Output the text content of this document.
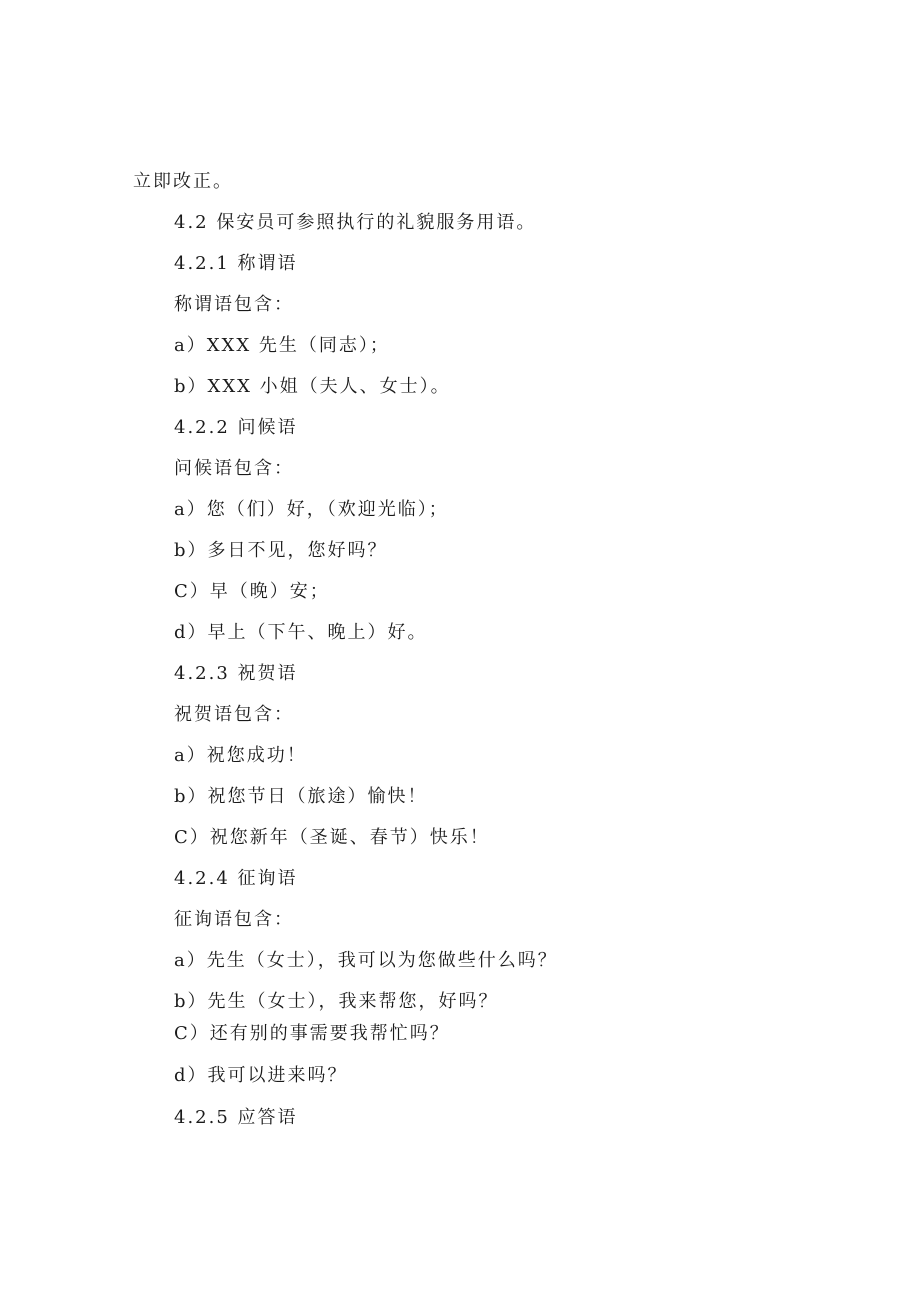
立即改正。
4.2 保安员可参照执行的礼貌服务用语。
4.2.1 称谓语
称谓语包含：
a）XXX 先生（同志）；
b）XXX 小姐（夫人、女士）。
4.2.2 问候语
问候语包含：
a）您（们）好，（欢迎光临）；
b）多日不见，您好吗？
C）早（晚）安；
d）早上（下午、晚上）好。
4.2.3 祝贺语
祝贺语包含：
a）祝您成功！
b）祝您节日（旅途）愉快！
C）祝您新年（圣诞、春节）快乐！
4.2.4 征询语
征询语包含：
a）先生（女士），我可以为您做些什么吗？
b）先生（女士），我来帮您，好吗？
C）还有别的事需要我帮忙吗？
d）我可以进来吗？
4.2.5 应答语
